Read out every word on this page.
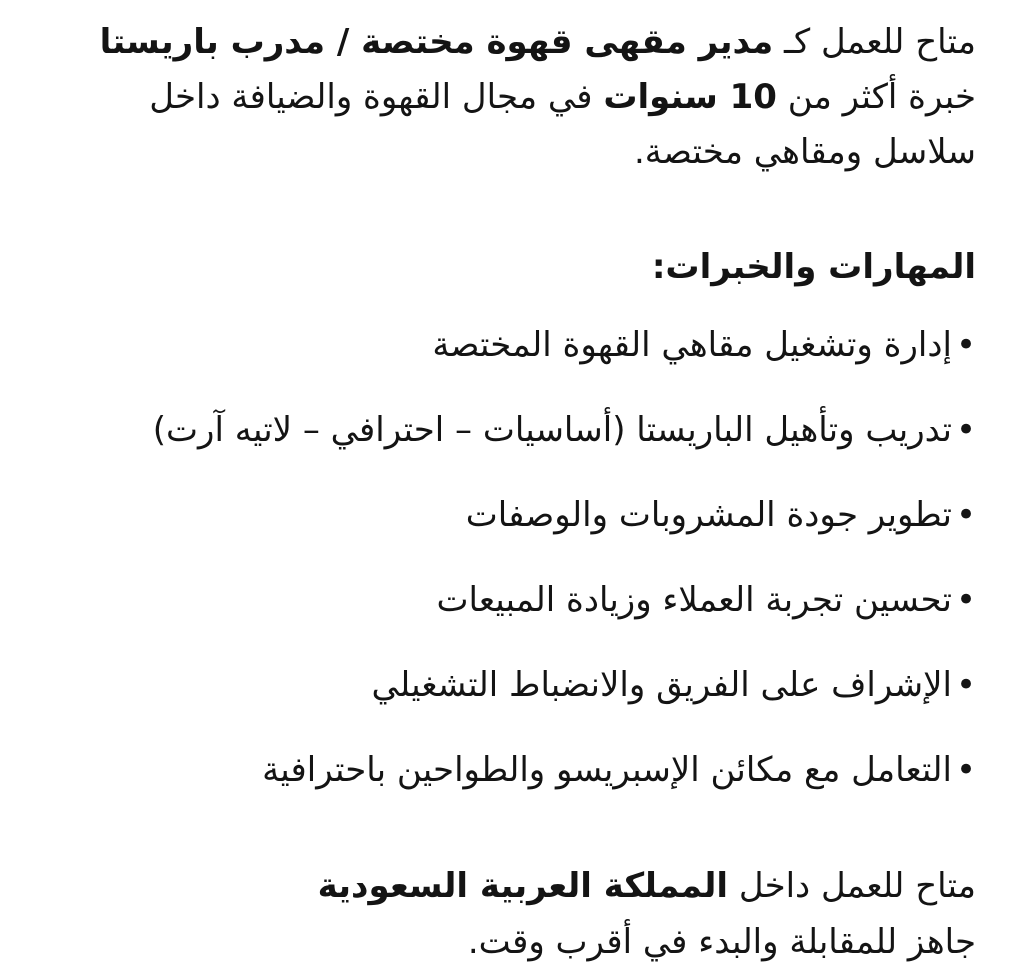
متاح للعمل كـ مدير مقهى قهوة مختصة / مدرب باريستا
خبرة أكثر من 10 سنوات في مجال القهوة والضيافة داخل
سلاسل ومقاهي مختصة.
المهارات والخبرات:
•إدارة وتشغيل مقاهي القهوة المختصة
•تدريب وتأهيل الباريستا (أساسيات – احترافي – لاتيه آرت)
•تطوير جودة المشروبات والوصفات
•تحسين تجربة العملاء وزيادة المبيعات
•الإشراف على الفريق والانضباط التشغيلي
•التعامل مع مكائن الإسبريسو والطواحين باحترافية
متاح للعمل داخل المملكة العربية السعودية
جاهز للمقابلة والبدء في أقرب وقت.
